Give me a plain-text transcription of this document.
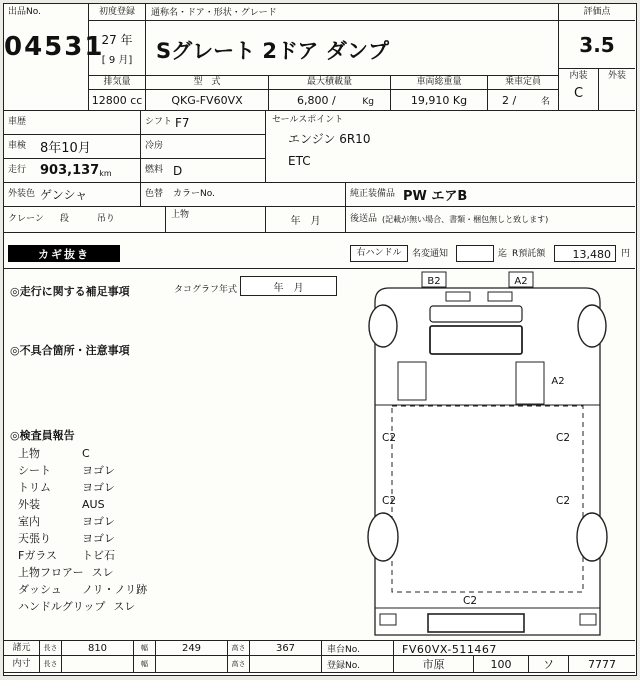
出品No.
04531
初度登録
27 年
[ 9 月]
通称名・ドア・形状・グレード
Sグレート 2ドア ダンプ
評価点
3.5
内装
C
外装
排気量
12800 cc
型　式
QKG-FV60VX
最大積載量
6,800 /	Kg
車両総重量
19,910 Kg
乗車定員
2 /	名
車歴	シフト F7	セールスポイント
エンジン 6R10
ETC
車検	8年10月	冷房
走行	903,137 km	燃料 D
外装色 ゲンシャ	色替 カラーNo.	純正装備品 PW エアB
クレーン 段	吊り	上物
年　月	後送品 (記載が無い場合、書類・梱包無しと致します)
カギ抜き	右ハンドル	名変通知	迄 R預託額	13,480	円
◎走行に関する補足事項	タコグラフ年式	年　月
◎不具合箇所・注意事項
◎検査員報告
上物	C
シート	ヨゴレ
トリム	ヨゴレ
外装	AUS
室内	ヨゴレ
天張り	ヨゴレ
Fガラス	トビ石
上物フロアー スレ
ダッシュ	ノリ・ノリ跡
ハンドルグリップ スレ
B2	A2
A2
C2	C2
C2	C2
C2
諸元	長さ	810	幅	249	高さ	367	車台No.	FV60VX-511467
内寸	長さ	幅	高さ	登録No.	市原	100	ソ	7777
